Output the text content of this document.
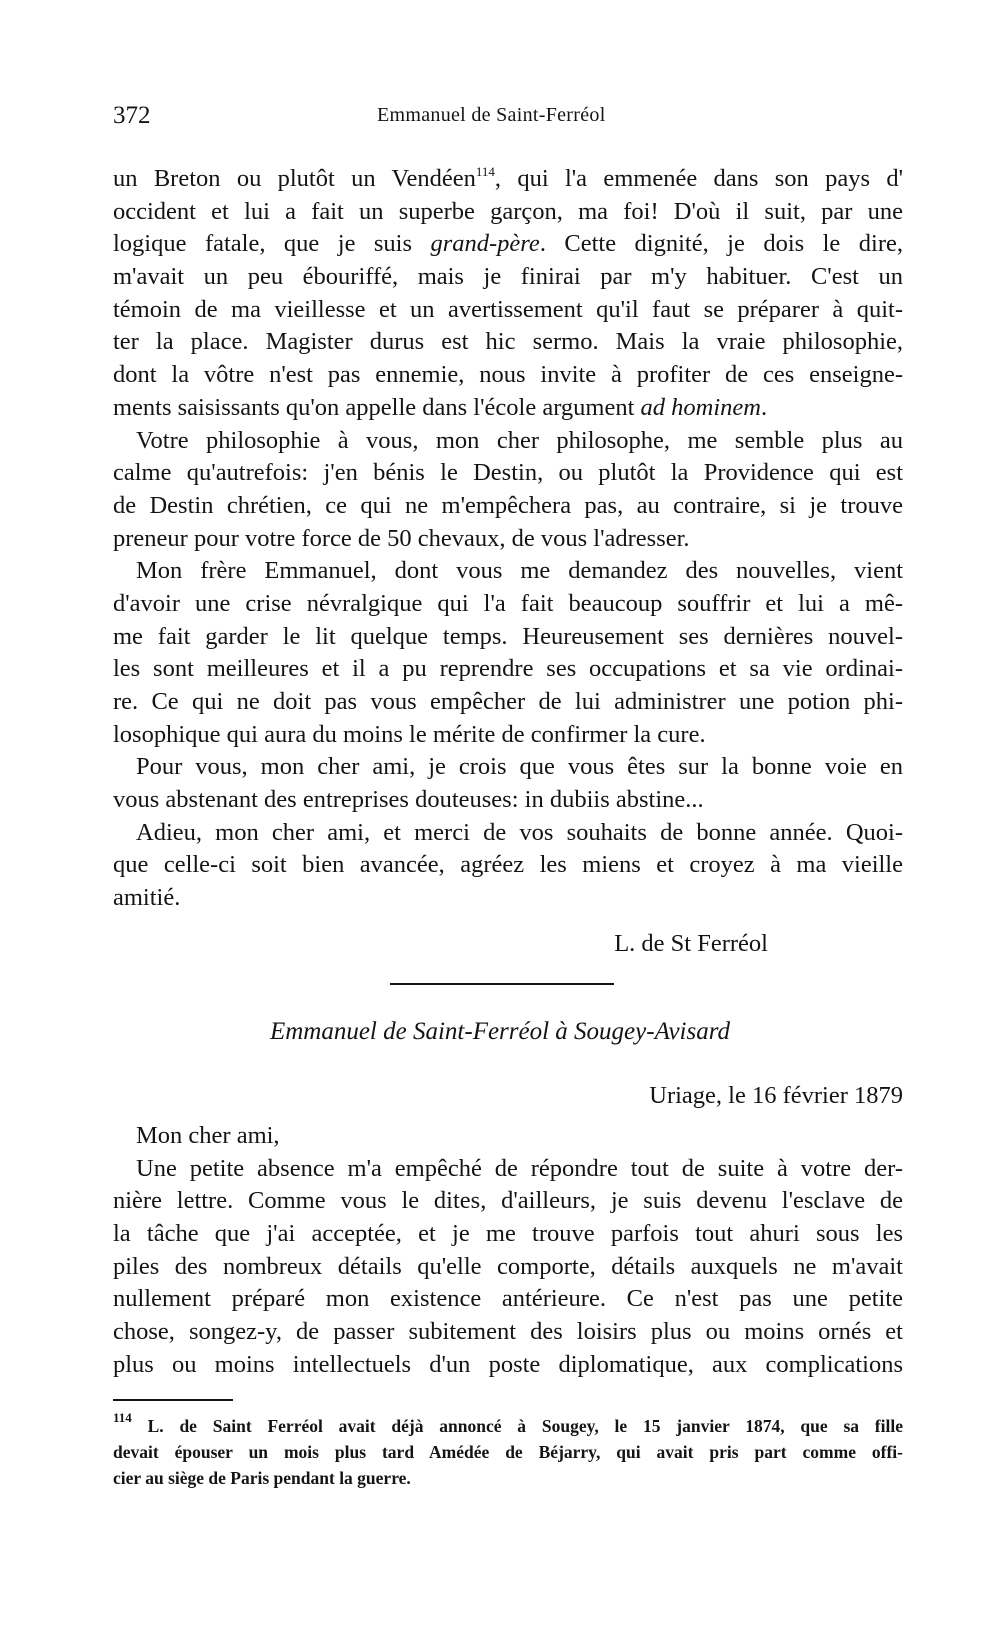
372	Emmanuel de Saint-Ferréol
un Breton ou plutôt un Vendéen$^{114}$, qui l'a emmenée dans son pays d'
occident et lui a fait un superbe garçon, ma foi! D'où il suit, par une
logique fatale, que je suis grand-père. Cette dignité, je dois le dire,
m'avait un peu ébouriffé, mais je finirai par m'y habituer. C'est un
témoin de ma vieillesse et un avertissement qu'il faut se préparer à quit-
ter la place. Magister durus est hic sermo. Mais la vraie philosophie,
dont la vôtre n'est pas ennemie, nous invite à profiter de ces enseigne-
ments saisissants qu'on appelle dans l'école argument ad hominem.
Votre philosophie à vous, mon cher philosophe, me semble plus au
calme qu'autrefois: j'en bénis le Destin, ou plutôt la Providence qui est
de Destin chrétien, ce qui ne m'empêchera pas, au contraire, si je trouve
preneur pour votre force de 50 chevaux, de vous l'adresser.
Mon frère Emmanuel, dont vous me demandez des nouvelles, vient
d'avoir une crise névralgique qui l'a fait beaucoup souffrir et lui a mê-
me fait garder le lit quelque temps. Heureusement ses dernières nouvel-
les sont meilleures et il a pu reprendre ses occupations et sa vie ordinai-
re. Ce qui ne doit pas vous empêcher de lui administrer une potion phi-
losophique qui aura du moins le mérite de confirmer la cure.
Pour vous, mon cher ami, je crois que vous êtes sur la bonne voie en
vous abstenant des entreprises douteuses: in dubiis abstine...
Adieu, mon cher ami, et merci de vos souhaits de bonne année. Quoi-
que celle-ci soit bien avancée, agréez les miens et croyez à ma vieille
amitié.
L. de St Ferréol
Emmanuel de Saint-Ferréol à Sougey-Avisard
Uriage, le 16 février 1879
Mon cher ami,
Une petite absence m'a empêché de répondre tout de suite à votre der-
nière lettre. Comme vous le dites, d'ailleurs, je suis devenu l'esclave de
la tâche que j'ai acceptée, et je me trouve parfois tout ahuri sous les
piles des nombreux détails qu'elle comporte, détails auxquels ne m'avait
nullement préparé mon existence antérieure. Ce n'est pas une petite
chose, songez-y, de passer subitement des loisirs plus ou moins ornés et
plus ou moins intellectuels d'un poste diplomatique, aux complications
$^{114}$ L. de Saint Ferréol avait déjà annoncé à Sougey, le 15 janvier 1874, que sa fille
devait épouser un mois plus tard Amédée de Béjarry, qui avait pris part comme offi-
cier au siège de Paris pendant la guerre.
